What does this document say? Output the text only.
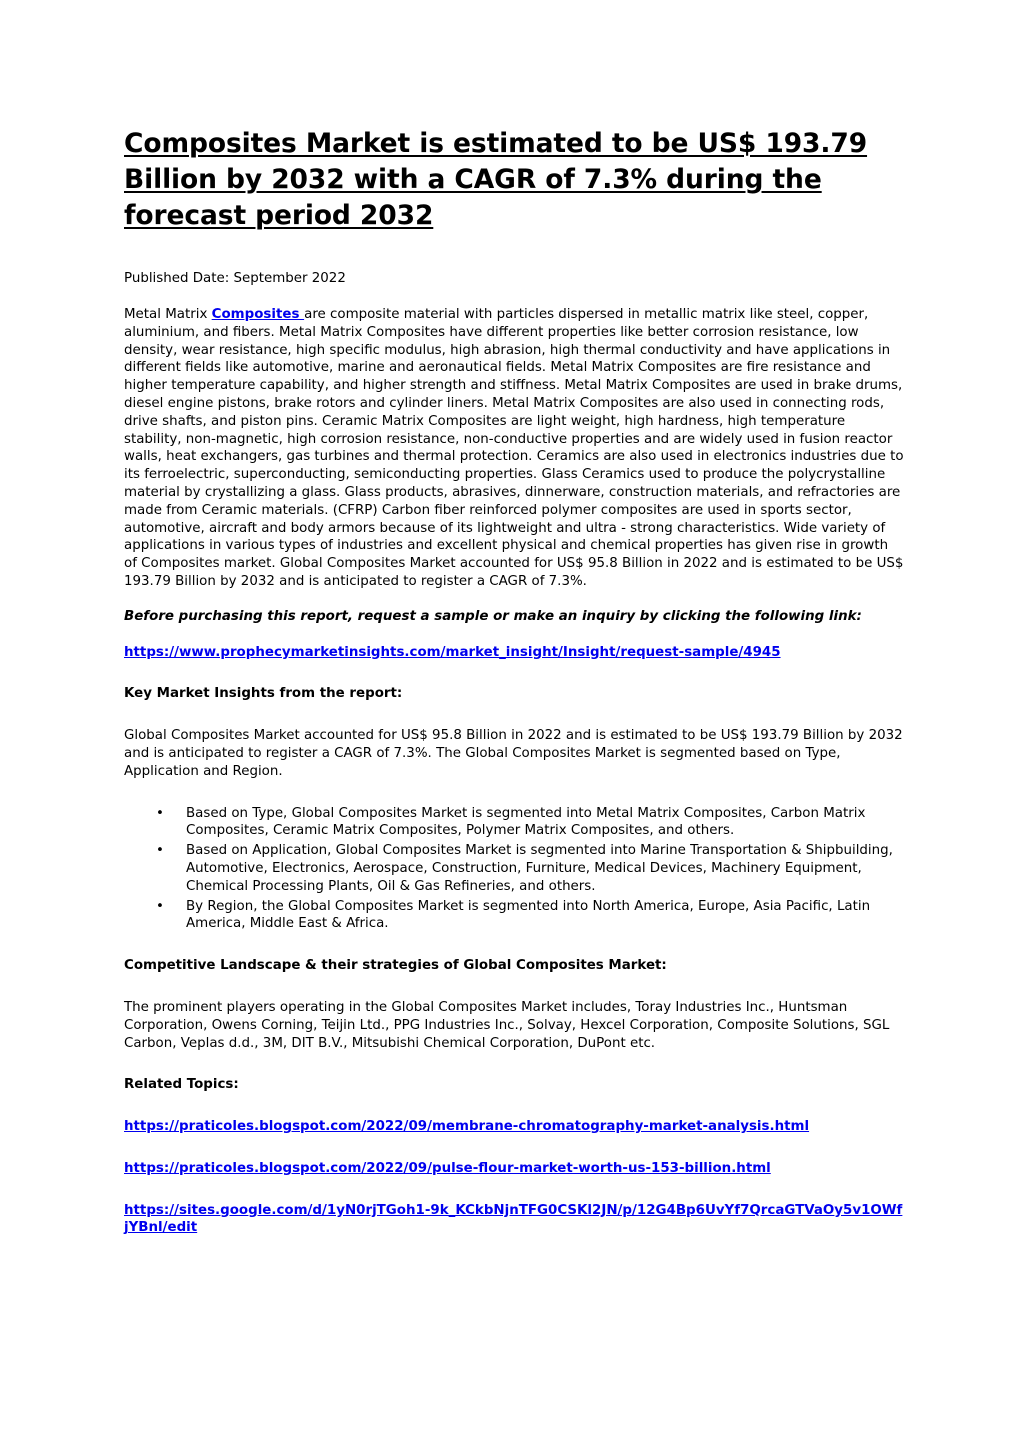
Composites Market is estimated to be US$ 193.79 Billion by 2032 with a CAGR of 7.3% during the forecast period 2032

Published Date: September 2022

Metal Matrix Composites are composite material with particles dispersed in metallic matrix like steel, copper, aluminium, and fibers. Metal Matrix Composites have different properties like better corrosion resistance, low density, wear resistance, high specific modulus, high abrasion, high thermal conductivity and have applications in different fields like automotive, marine and aeronautical fields. Metal Matrix Composites are fire resistance and higher temperature capability, and higher strength and stiffness. Metal Matrix Composites are used in brake drums, diesel engine pistons, brake rotors and cylinder liners. Metal Matrix Composites are also used in connecting rods, drive shafts, and piston pins. Ceramic Matrix Composites are light weight, high hardness, high temperature stability, non-magnetic, high corrosion resistance, non-conductive properties and are widely used in fusion reactor walls, heat exchangers, gas turbines and thermal protection. Ceramics are also used in electronics industries due to its ferroelectric, superconducting, semiconducting properties. Glass Ceramics used to produce the polycrystalline material by crystallizing a glass. Glass products, abrasives, dinnerware, construction materials, and refractories are made from Ceramic materials. (CFRP) Carbon fiber reinforced polymer composites are used in sports sector, automotive, aircraft and body armors because of its lightweight and ultra - strong characteristics. Wide variety of applications in various types of industries and excellent physical and chemical properties has given rise in growth of Composites market. Global Composites Market accounted for US$ 95.8 Billion in 2022 and is estimated to be US$ 193.79 Billion by 2032 and is anticipated to register a CAGR of 7.3%.

Before purchasing this report, request a sample or make an inquiry by clicking the following link:

https://www.prophecymarketinsights.com/market_insight/Insight/request-sample/4945

Key Market Insights from the report:

Global Composites Market accounted for US$ 95.8 Billion in 2022 and is estimated to be US$ 193.79 Billion by 2032 and is anticipated to register a CAGR of 7.3%. The Global Composites Market is segmented based on Type, Application and Region.

• Based on Type, Global Composites Market is segmented into Metal Matrix Composites, Carbon Matrix Composites, Ceramic Matrix Composites, Polymer Matrix Composites, and others.
• Based on Application, Global Composites Market is segmented into Marine Transportation & Shipbuilding, Automotive, Electronics, Aerospace, Construction, Furniture, Medical Devices, Machinery Equipment, Chemical Processing Plants, Oil & Gas Refineries, and others.
• By Region, the Global Composites Market is segmented into North America, Europe, Asia Pacific, Latin America, Middle East & Africa.

Competitive Landscape & their strategies of Global Composites Market:

The prominent players operating in the Global Composites Market includes, Toray Industries Inc., Huntsman Corporation, Owens Corning, Teijin Ltd., PPG Industries Inc., Solvay, Hexcel Corporation, Composite Solutions, SGL Carbon, Veplas d.d., 3M, DIT B.V., Mitsubishi Chemical Corporation, DuPont etc.

Related Topics:

https://praticoles.blogspot.com/2022/09/membrane-chromatography-market-analysis.html
https://praticoles.blogspot.com/2022/09/pulse-flour-market-worth-us-153-billion.html
https://sites.google.com/d/1yN0rjTGoh1-9k_KCkbNjnTFG0CSKl2JN/p/12G4Bp6UvYf7QrcaGTVaOy5v1OWfjYBnl/edit
